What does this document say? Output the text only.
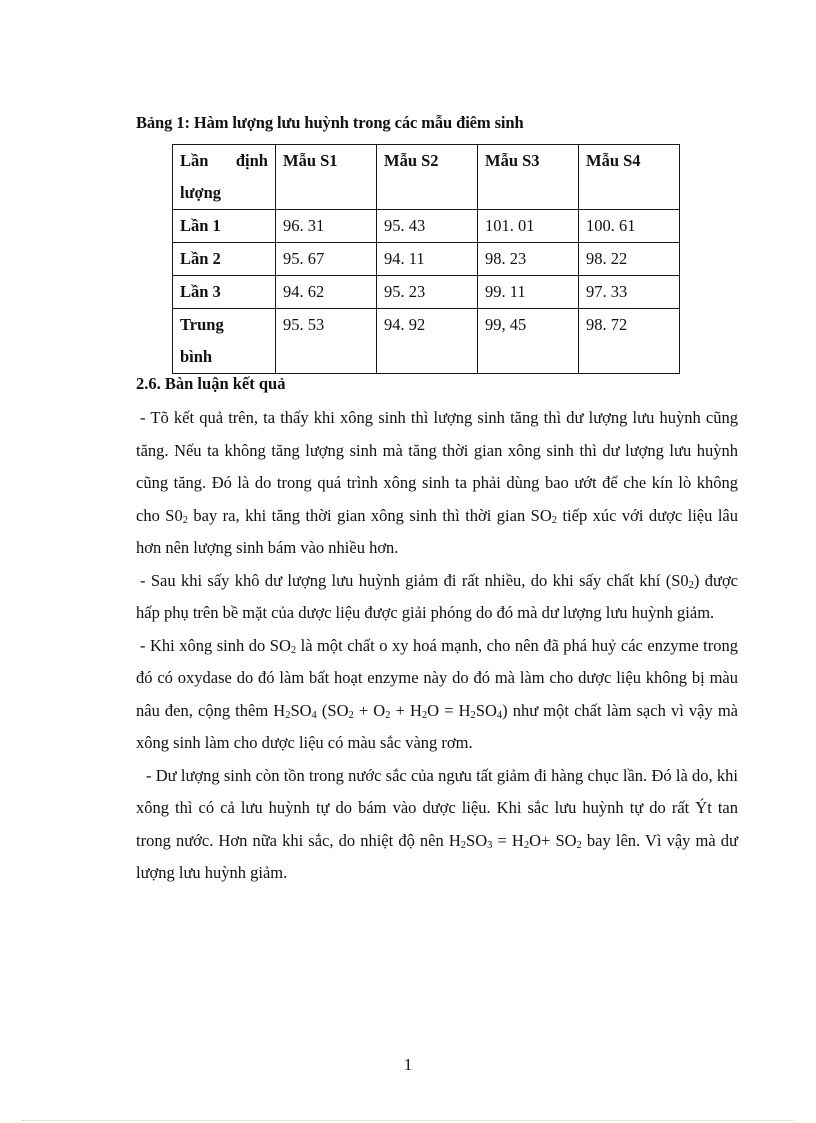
Bảng 1: Hàm lượng lưu huỳnh trong các mẫu điêm sinh
Lần định
lượng	Mẫu S1	Mẫu S2	Mẫu S3	Mẫu S4
Lần 1	96. 31	95. 43	101. 01	100. 61
Lần 2	95. 67	94. 11	98. 23	98. 22
Lần 3	94. 62	95. 23	99. 11	97. 33

Trung
bình	95. 53	94. 92	99, 45	98. 72
2.6. Bàn luận kết quả

- Tõ kết quả trên, ta thấy khi xông sinh thì lượng sinh tăng thì dư lượng lưu huỳnh cũng tăng. Nếu ta không tăng lượng sinh mà tăng thời gian xông sinh thì dư lượng lưu huỳnh cũng tăng. Đó là do trong quá trình xông sinh ta phải dùng bao ướt để che kín lò không cho $S0_2$ bay ra, khi tăng thời gian xông sinh thì thời gian $SO_2$ tiếp xúc với dược liệu lâu hơn nên lượng sinh bám vào nhiều hơn.

- Sau khi sấy khô dư lượng lưu huỳnh giảm đi rất nhiều, do khi sấy chất khí $(S0_2)$ được hấp phụ trên bề mặt của dược liệu được giải phóng do đó mà dư lượng lưu huỳnh giảm.

- Khi xông sinh do $SO_2$ là một chất o xy hoá mạnh, cho nên đã phá huỷ các enzyme trong đó có oxydase do đó làm bất hoạt enzyme này do đó mà làm cho dược liệu không bị màu nâu đen, cộng thêm $H_2SO_4$ $(SO_2 + O_2 + H_2O = H_2SO_4)$ như một chất làm sạch vì vậy mà xông sinh làm cho dược liệu có màu sắc vàng rơm.

- Dư lượng sinh còn tồn trong nước sắc của ngưu tất giảm đi hàng chục lần. Đó là do, khi xông thì có cả lưu huỳnh tự do bám vào dược liệu. Khi sắc lưu huỳnh tự do rất Ýt tan trong nước. Hơn nữa khi sắc, do nhiệt độ nên $H_2SO_3 = H_2O+ SO_2$ bay lên. Vì vậy mà dư lượng lưu huỳnh giảm.

1
